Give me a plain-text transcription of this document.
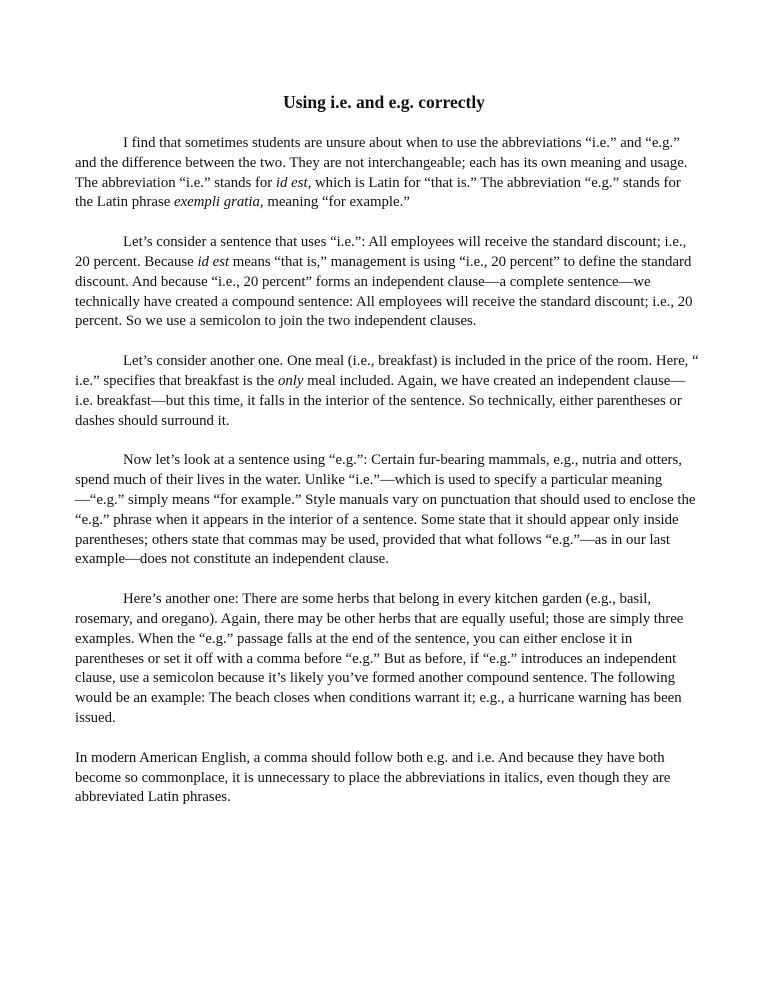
Using i.e. and e.g. correctly

I find that sometimes students are unsure about when to use the abbreviations “i.e.” and “e.g.” and the difference between the two. They are not interchangeable; each has its own meaning and usage. The abbreviation “i.e.” stands for id est, which is Latin for “that is.” The abbreviation “e.g.” stands for the Latin phrase exempli gratia, meaning “for example.”

Let’s consider a sentence that uses “i.e.”: All employees will receive the standard discount; i.e., 20 percent. Because id est means “that is,” management is using “i.e., 20 percent” to define the standard discount. And because “i.e., 20 percent” forms an independent clause—a complete sentence—we technically have created a compound sentence: All employees will receive the standard discount; i.e., 20 percent. So we use a semicolon to join the two independent clauses.

Let’s consider another one. One meal (i.e., breakfast) is included in the price of the room. Here, “ i.e.” specifies that breakfast is the only meal included. Again, we have created an independent clause—i.e. breakfast—but this time, it falls in the interior of the sentence. So technically, either parentheses or dashes should surround it.

Now let’s look at a sentence using “e.g.”: Certain fur-bearing mammals, e.g., nutria and otters, spend much of their lives in the water. Unlike “i.e.”—which is used to specify a particular meaning—“e.g.” simply means “for example.” Style manuals vary on punctuation that should used to enclose the “e.g.” phrase when it appears in the interior of a sentence. Some state that it should appear only inside parentheses; others state that commas may be used, provided that what follows “e.g.”—as in our last example—does not constitute an independent clause.

Here’s another one: There are some herbs that belong in every kitchen garden (e.g., basil, rosemary, and oregano). Again, there may be other herbs that are equally useful; those are simply three examples. When the “e.g.” passage falls at the end of the sentence, you can either enclose it in parentheses or set it off with a comma before “e.g.” But as before, if “e.g.” introduces an independent clause, use a semicolon because it’s likely you’ve formed another compound sentence. The following would be an example: The beach closes when conditions warrant it; e.g., a hurricane warning has been issued.

In modern American English, a comma should follow both e.g. and i.e. And because they have both become so commonplace, it is unnecessary to place the abbreviations in italics, even though they are abbreviated Latin phrases.
